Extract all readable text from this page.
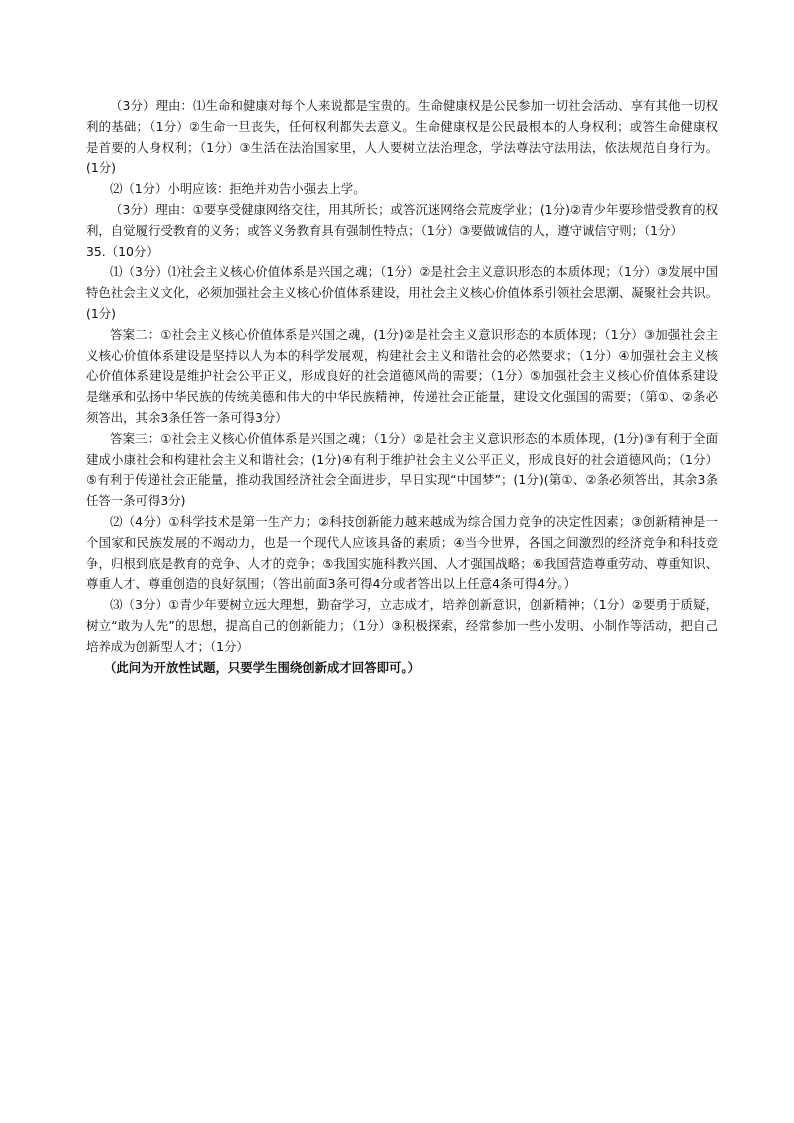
（3分）理由：⑴生命和健康对每个人来说都是宝贵的。生命健康权是公民参加一切社会活动、享有其他一切权利的基础；（1分）②生命一旦丧失，任何权利都失去意义。生命健康权是公民最根本的人身权利；或答生命健康权是首要的人身权利；（1分）③生活在法治国家里，人人要树立法治理念，学法尊法守法用法，依法规范自身行为。(1分)

⑵（1分）小明应该：拒绝并劝告小强去上学。

（3分）理由：①要享受健康网络交往，用其所长；或答沉迷网络会荒废学业；(1分)②青少年要珍惜受教育的权利，自觉履行受教育的义务；或答义务教育具有强制性特点；（1分）③要做诚信的人，遵守诚信守则；（1分）

35.（10分）

⑴（3分）⑴社会主义核心价值体系是兴国之魂；（1分）②是社会主义意识形态的本质体现；（1分）③发展中国特色社会主义文化，必须加强社会主义核心价值体系建设，用社会主义核心价值体系引领社会思潮、凝聚社会共识。(1分)

答案二：①社会主义核心价值体系是兴国之魂，(1分)②是社会主义意识形态的本质体现；（1分）③加强社会主义核心价值体系建设是坚持以人为本的科学发展观，构建社会主义和谐社会的必然要求；（1分）④加强社会主义核心价值体系建设是维护社会公平正义，形成良好的社会道德风尚的需要；（1分）⑤加强社会主义核心价值体系建设是继承和弘扬中华民族的传统美德和伟大的中华民族精神，传递社会正能量，建设文化强国的需要；（第①、②条必须答出，其余3条任答一条可得3分）

答案三：①社会主义核心价值体系是兴国之魂；（1分）②是社会主义意识形态的本质体现，(1分)③有利于全面建成小康社会和构建社会主义和谐社会；(1分)④有利于维护社会主义公平正义，形成良好的社会道德风尚；（1分）⑤有利于传递社会正能量，推动我国经济社会全面进步，早日实现“中国梦”；(1分)(第①、②条必须答出，其余3条任答一条可得3分)

⑵（4分）①科学技术是第一生产力；②科技创新能力越来越成为综合国力竞争的决定性因素；③创新精神是一个国家和民族发展的不竭动力，也是一个现代人应该具备的素质；④当今世界，各国之间激烈的经济竞争和科技竞争，归根到底是教育的竞争、人才的竞争；⑤我国实施科教兴国、人才强国战略；⑥我国营造尊重劳动、尊重知识、尊重人才、尊重创造的良好氛围；（答出前面3条可得4分或者答出以上任意4条可得4分。）

⑶（3分）①青少年要树立远大理想，勤奋学习，立志成才，培养创新意识，创新精神；（1分）②要勇于质疑，树立“敢为人先”的思想，提高自己的创新能力；（1分）③积极探索，经常参加一些小发明、小制作等活动，把自己培养成为创新型人才；（1分）

（此问为开放性试题，只要学生围绕创新成才回答即可。）
